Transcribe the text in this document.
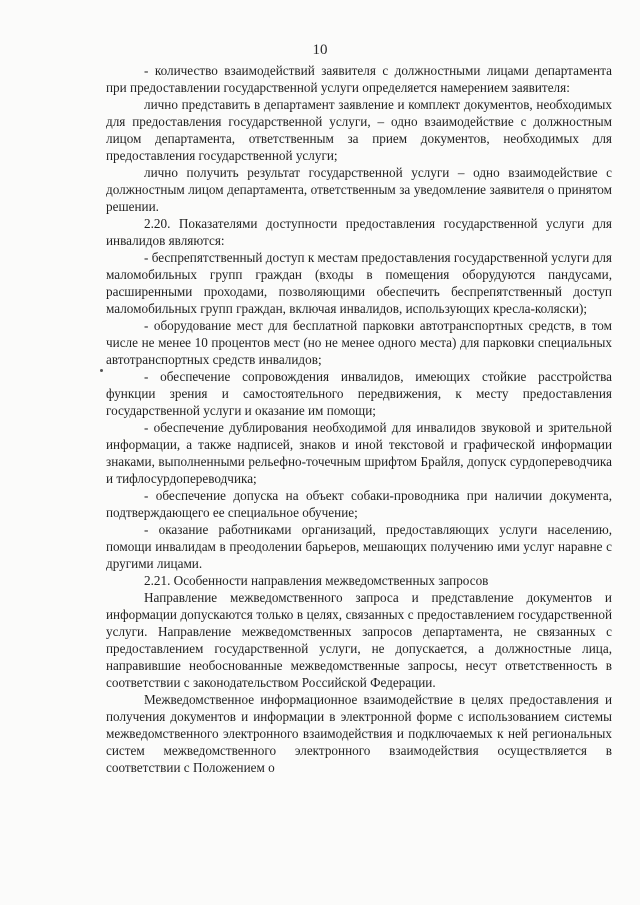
10

- количество взаимодействий заявителя с должностными лицами департамента при предоставлении государственной услуги определяется намерением заявителя:

лично представить в департамент заявление и комплект документов, необходимых для предоставления государственной услуги, – одно взаимодействие с должностным лицом департамента, ответственным за прием документов, необходимых для предоставления государственной услуги;

лично получить результат государственной услуги – одно взаимодействие с должностным лицом департамента, ответственным за уведомление заявителя о принятом решении.

2.20. Показателями доступности предоставления государственной услуги для инвалидов являются:

- беспрепятственный доступ к местам предоставления государственной услуги для маломобильных групп граждан (входы в помещения оборудуются пандусами, расширенными проходами, позволяющими обеспечить беспрепятственный доступ маломобильных групп граждан, включая инвалидов, использующих кресла-коляски);

- оборудование мест для бесплатной парковки автотранспортных средств, в том числе не менее 10 процентов мест (но не менее одного места) для парковки специальных автотранспортных средств инвалидов;

- обеспечение сопровождения инвалидов, имеющих стойкие расстройства функции зрения и самостоятельного передвижения, к месту предоставления государственной услуги и оказание им помощи;

- обеспечение дублирования необходимой для инвалидов звуковой и зрительной информации, а также надписей, знаков и иной текстовой и графической информации знаками, выполненными рельефно-точечным шрифтом Брайля, допуск сурдопереводчика и тифлосурдопереводчика;

- обеспечение допуска на объект собаки-проводника при наличии документа, подтверждающего ее специальное обучение;

- оказание работниками организаций, предоставляющих услуги населению, помощи инвалидам в преодолении барьеров, мешающих получению ими услуг наравне с другими лицами.

2.21. Особенности направления межведомственных запросов

Направление межведомственного запроса и представление документов и информации допускаются только в целях, связанных с предоставлением государственной услуги. Направление межведомственных запросов департамента, не связанных с предоставлением государственной услуги, не допускается, а должностные лица, направившие необоснованные межведомственные запросы, несут ответственность в соответствии с законодательством Российской Федерации.

Межведомственное информационное взаимодействие в целях предоставления и получения документов и информации в электронной форме с использованием системы межведомственного электронного взаимодействия и подключаемых к ней региональных систем межведомственного электронного взаимодействия осуществляется в соответствии с Положением о
